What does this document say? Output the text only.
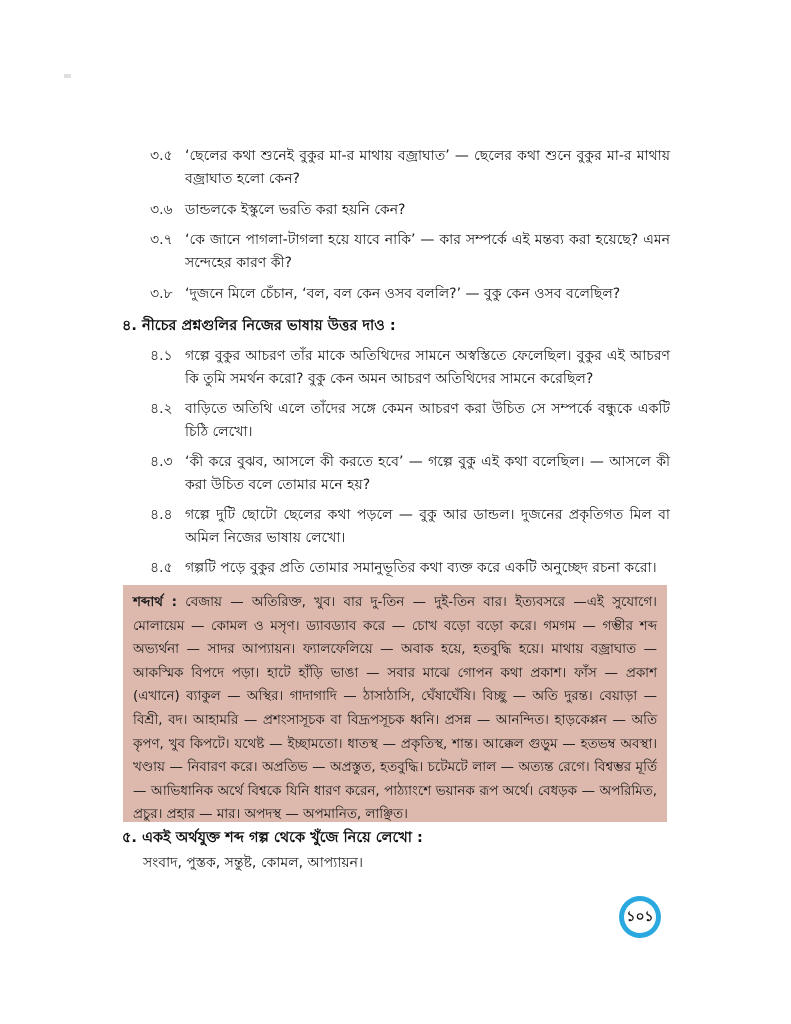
৩.৫ ‘ছেলের কথা শুনেই বুকুর মা-র মাথায় বজ্রাঘাত’ — ছেলের কথা শুনে বুকুর মা-র মাথায় বজ্রাঘাত হলো কেন?
৩.৬ ডান্ডলকে ইস্কুলে ভরতি করা হয়নি কেন?
৩.৭ ‘কে জানে পাগলা-টাগলা হয়ে যাবে নাকি’ — কার সম্পর্কে এই মন্তব্য করা হয়েছে? এমন সন্দেহের কারণ কী?
৩.৮ ‘দুজনে মিলে চেঁচান, ‘বল, বল কেন ওসব বললি?’ — বুকু কেন ওসব বলেছিল?
৪. নীচের প্রশ্নগুলির নিজের ভাষায় উত্তর দাও :
৪.১ গল্পে বুকুর আচরণ তাঁর মাকে অতিথিদের সামনে অস্বস্তিতে ফেলেছিল। বুকুর এই আচরণ কি তুমি সমর্থন করো? বুকু কেন অমন আচরণ অতিথিদের সামনে করেছিল?
৪.২ বাড়িতে অতিথি এলে তাঁদের সঙ্গে কেমন আচরণ করা উচিত সে সম্পর্কে বন্ধুকে একটি চিঠি লেখো।
৪.৩ ‘কী করে বুঝব, আসলে কী করতে হবে’ — গল্পে বুকু এই কথা বলেছিল। — আসলে কী করা উচিত বলে তোমার মনে হয়?
৪.৪ গল্পে দুটি ছোটো ছেলের কথা পড়লে — বুকু আর ডান্ডল। দুজনের প্রকৃতিগত মিল বা অমিল নিজের ভাষায় লেখো।
৪.৫ গল্পটি পড়ে বুকুর প্রতি তোমার সমানুভূতির কথা ব্যক্ত করে একটি অনুচ্ছেদ রচনা করো।
শব্দার্থ : বেজায় — অতিরিক্ত, খুব। বার দু-তিন — দুই-তিন বার। ইত্যবসরে —এই সুযোগে। মোলায়েম — কোমল ও মসৃণ। ড্যাবড্যাব করে — চোখ বড়ো বড়ো করে। গমগম — গম্ভীর শব্দ অভ্যর্থনা — সাদর আপ্যায়ন। ফ্যালফেলিয়ে — অবাক হয়ে, হতবুদ্ধি হয়ে। মাথায় বজ্রাঘাত — আকস্মিক বিপদে পড়া। হাটে হাঁড়ি ভাঙা — সবার মাঝে গোপন কথা প্রকাশ। ফাঁস — প্রকাশ (এখানে) ব্যাকুল — অস্থির। গাদাগাদি — ঠাসাঠাসি, ঘেঁষাঘেঁষি। বিচ্ছু — অতি দুরন্ত। বেয়াড়া — বিশ্রী, বদ। আহামরি — প্রশংসাসূচক বা বিদ্রূপসূচক ধ্বনি। প্রসন্ন — আনন্দিত। হাড়কেপ্পন — অতি কৃপণ, খুব কিপটে। যথেষ্ট — ইচ্ছামতো। ধাতস্থ — প্রকৃতিস্থ, শান্ত। আক্কেল গুড়ুম — হতভম্ব অবস্থা। খণ্ডায় — নিবারণ করে। অপ্রতিভ — অপ্রস্তুত, হতবুদ্ধি। চটেমটে লাল — অত্যন্ত রেগে। বিশ্বম্ভর মূর্তি — আভিধানিক অর্থে বিশ্বকে যিনি ধারণ করেন, পাঠ্যাংশে ভয়ানক রূপ অর্থে। বেধড়ক — অপরিমিত, প্রচুর। প্রহার — মার। অপদস্থ — অপমানিত, লাঞ্ছিত।
৫. একই অর্থযুক্ত শব্দ গল্প থেকে খুঁজে নিয়ে লেখো :
সংবাদ, পুস্তক, সন্তুষ্ট, কোমল, আপ্যায়ন।
১০১
